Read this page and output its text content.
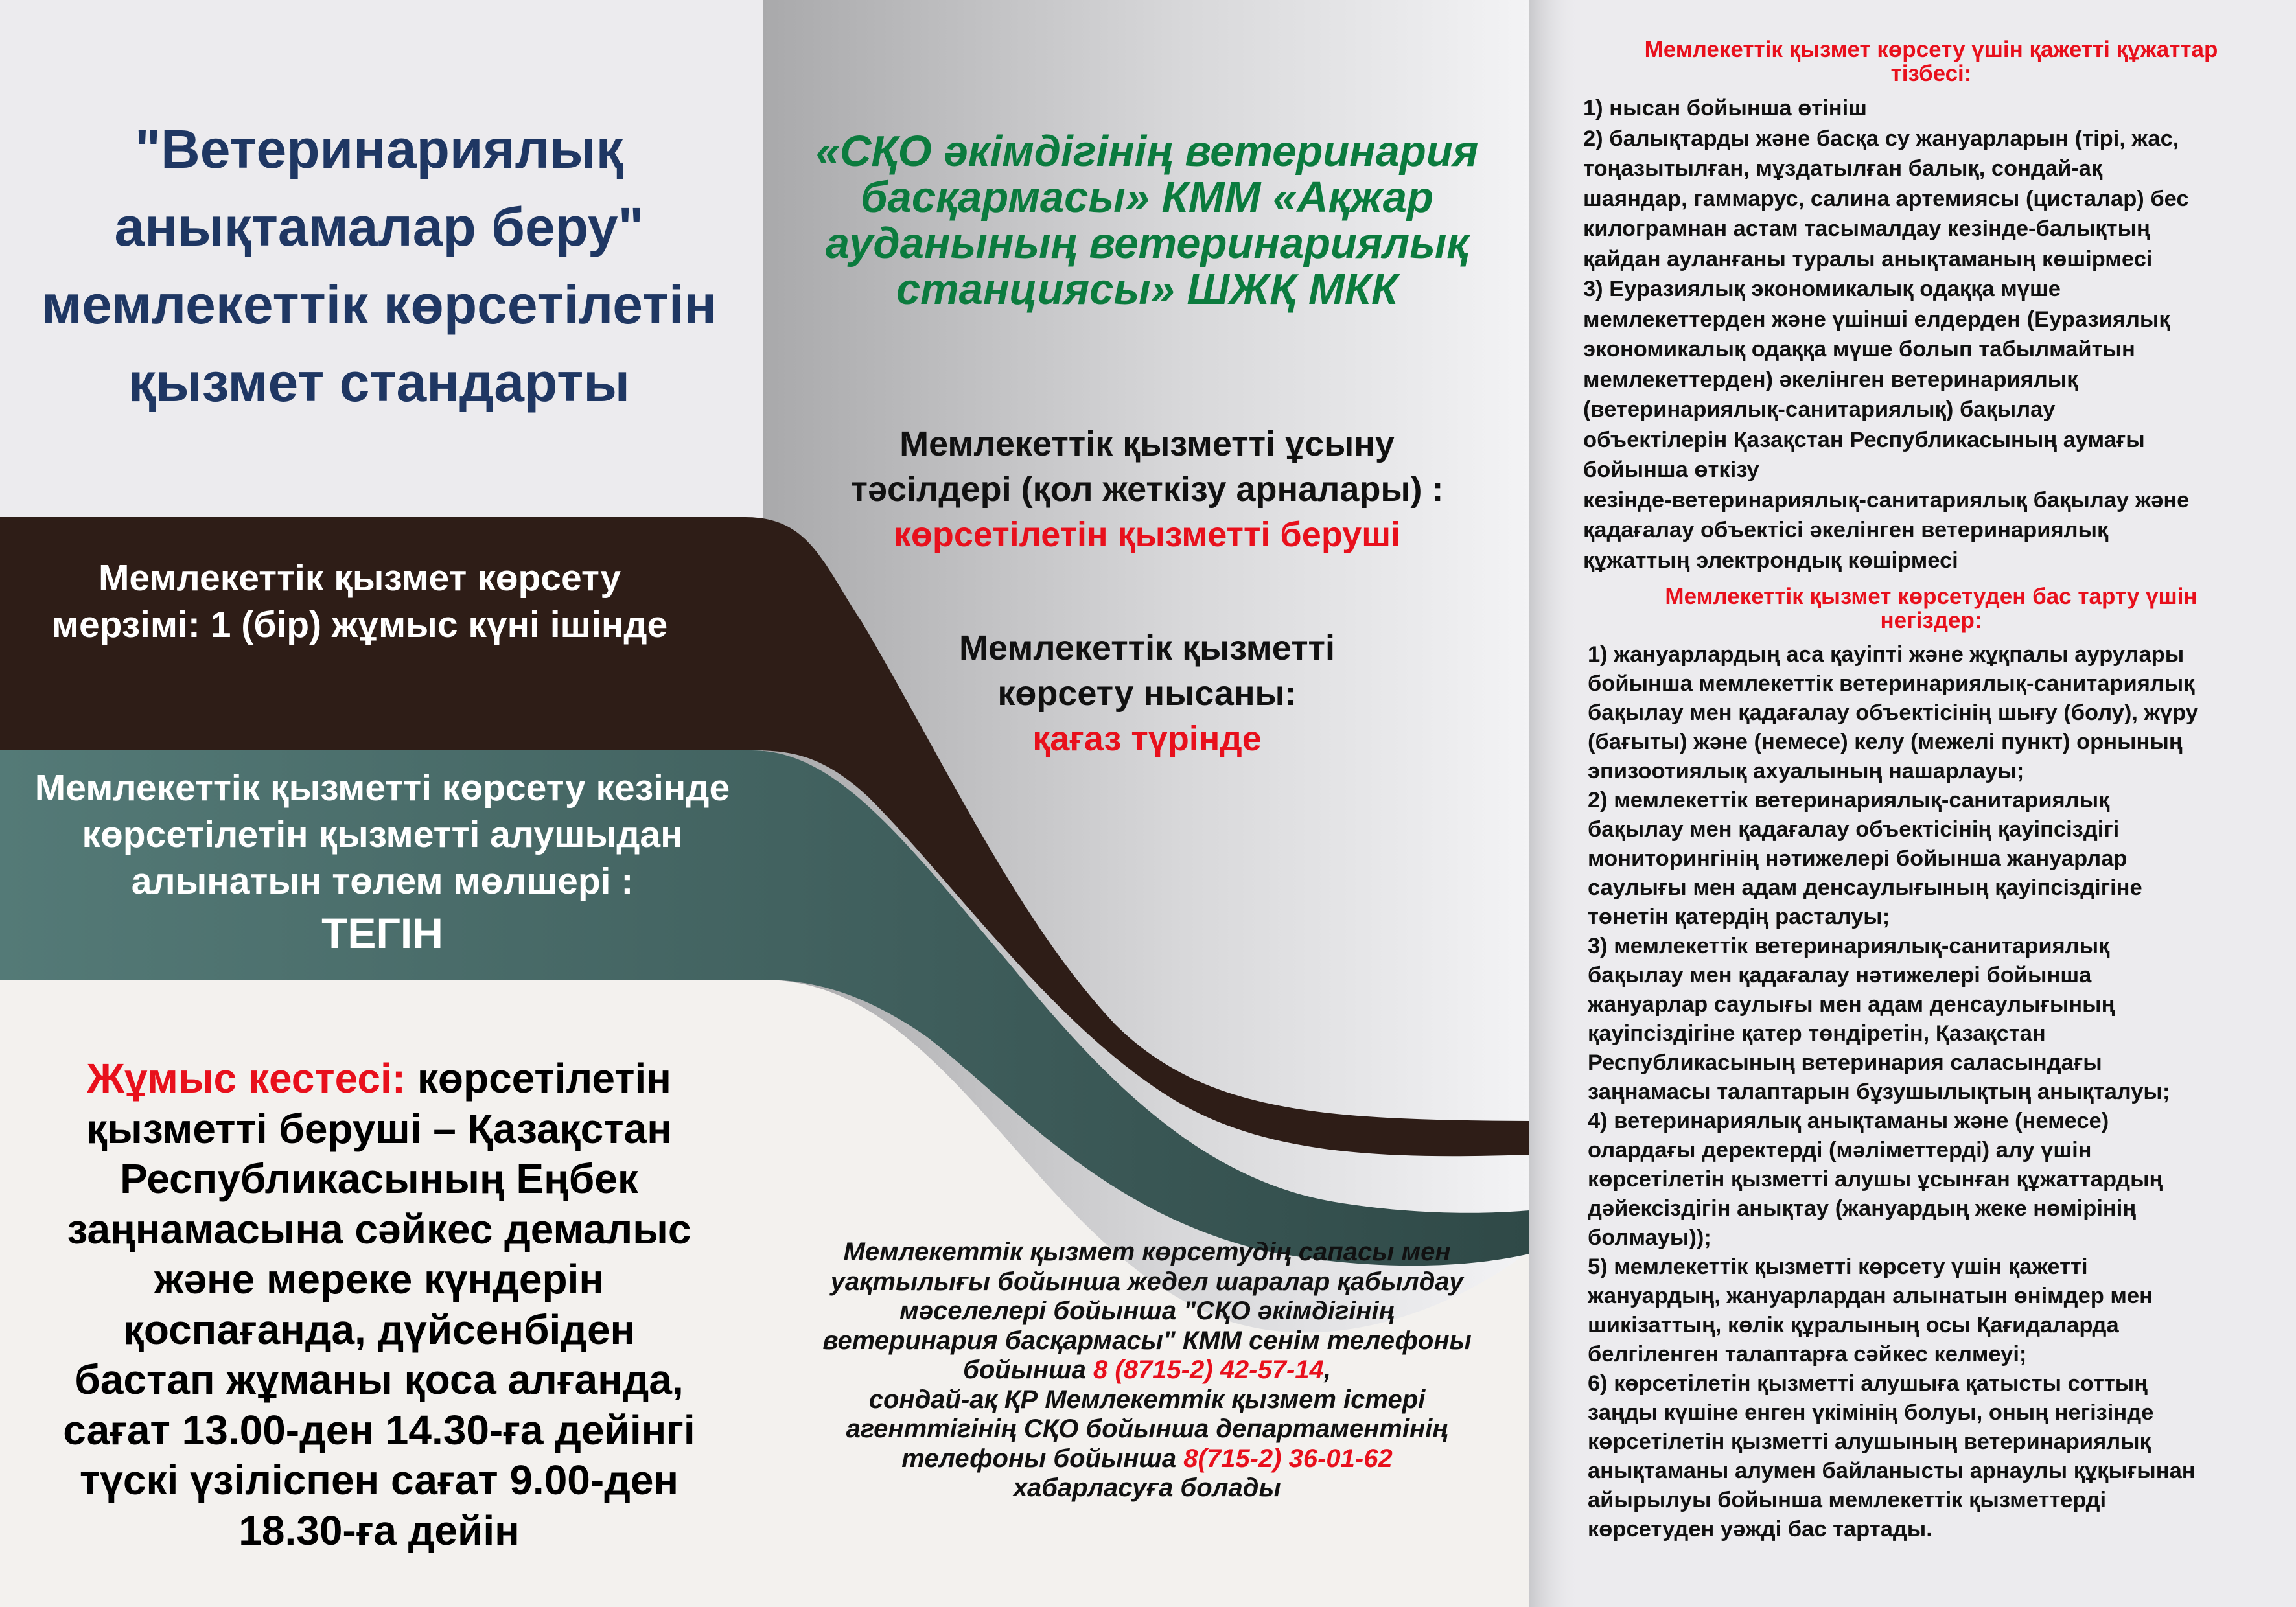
"Ветеринариялық
анықтамалар беру"
мемлекеттік көрсетілетін
қызмет стандарты
Мемлекеттік қызмет көрсету
мерзімі: 1 (бір) жұмыс күні ішінде
Мемлекеттік қызметті көрсету кезінде
көрсетілетін қызметті алушыдан
алынатын төлем мөлшері :
ТЕГІН
Жұмыс кестесі: көрсетілетін
қызметті беруші – Қазақстан
Республикасының Еңбек
заңнамасына сәйкес демалыс
және мереке күндерін
қоспағанда, дүйсенбіден
бастап жұманы қоса алғанда,
сағат 13.00-ден 14.30-ға дейінгі
түскі үзіліспен сағат 9.00-ден
18.30-ға дейін
«СҚО әкімдігінің ветеринария
басқармасы» КММ «Ақжар
ауданының ветеринариялық
станциясы» ШЖҚ МКК
Мемлекеттік қызметті ұсыну
тәсілдері (қол жеткізу арналары) :
көрсетілетін қызметті беруші
Мемлекеттік қызметті
көрсету нысаны:
қағаз түрінде
Мемлекеттік қызмет көрсетудің сапасы мен
уақтылығы бойынша жедел шаралар қабылдау
мәселелері бойынша "СҚО әкімдігінің
ветеринария басқармасы" КММ сенім телефоны
бойынша 8 (8715-2) 42-57-14,
сондай-ақ ҚР Мемлекеттік қызмет істері
агенттігінің СҚО бойынша департаментінің
телефоны бойынша 8(715-2) 36-01-62
хабарласуға болады
Мемлекеттік қызмет көрсету үшін қажетті құжаттар
тізбесі:
1) нысан бойынша өтініш
2) балықтарды және басқа су жануарларын (тірі, жас,
тоңазытылған, мұздатылған балық, сондай-ақ
шаяндар, гаммарус, салина артемиясы (цисталар) бес
килограмнан астам тасымалдау кезінде-балықтың
қайдан ауланғаны туралы анықтаманың көшірмесі
3) Еуразиялық экономикалық одаққа мүше
мемлекеттерден және үшінші елдерден (Еуразиялық
экономикалық одаққа мүше болып табылмайтын
мемлекеттерден) әкелінген ветеринариялық
(ветеринариялық-санитариялық) бақылау
объектілерін Қазақстан Республикасының аумағы
бойынша өткізу
кезінде-ветеринариялық-санитариялық бақылау және
қадағалау объектісі әкелінген ветеринариялық
құжаттың электрондық көшірмесі
Мемлекеттік қызмет көрсетуден бас тарту үшін
негіздер:
1) жануарлардың аса қауіпті және жұқпалы аурулары
бойынша мемлекеттік ветеринариялық-санитариялық
бақылау мен қадағалау объектісінің шығу (болу), жүру
(бағыты) және (немесе) келу (межелі пункт) орнының
эпизоотиялық ахуалының нашарлауы;
2) мемлекеттік ветеринариялық-санитариялық
бақылау мен қадағалау объектісінің қауіпсіздігі
мониторингінің нәтижелері бойынша жануарлар
саулығы мен адам денсаулығының қауіпсіздігіне
төнетін қатердің расталуы;
3) мемлекеттік ветеринариялық-санитариялық
бақылау мен қадағалау нәтижелері бойынша
жануарлар саулығы мен адам денсаулығының
қауіпсіздігіне қатер төндіретін, Қазақстан
Республикасының ветеринария саласындағы
заңнамасы талаптарын бұзушылықтың анықталуы;
4) ветеринариялық анықтаманы және (немесе)
олардағы деректерді (мәліметтерді) алу үшін
көрсетілетін қызметті алушы ұсынған құжаттардың
дәйексіздігін анықтау (жануардың жеке нөмірінің
болмауы));
5) мемлекеттік қызметті көрсету үшін қажетті
жануардың, жануарлардан алынатын өнімдер мен
шикізаттың, көлік құралының осы Қағидаларда
белгіленген талаптарға сәйкес келмеуі;
6) көрсетілетін қызметті алушыға қатысты соттың
заңды күшіне енген үкімінің болуы, оның негізінде
көрсетілетін қызметті алушының ветеринариялық
анықтаманы алумен байланысты арнаулы құқығынан
айырылуы бойынша мемлекеттік қызметтерді
көрсетуден уәжді бас тартады.
